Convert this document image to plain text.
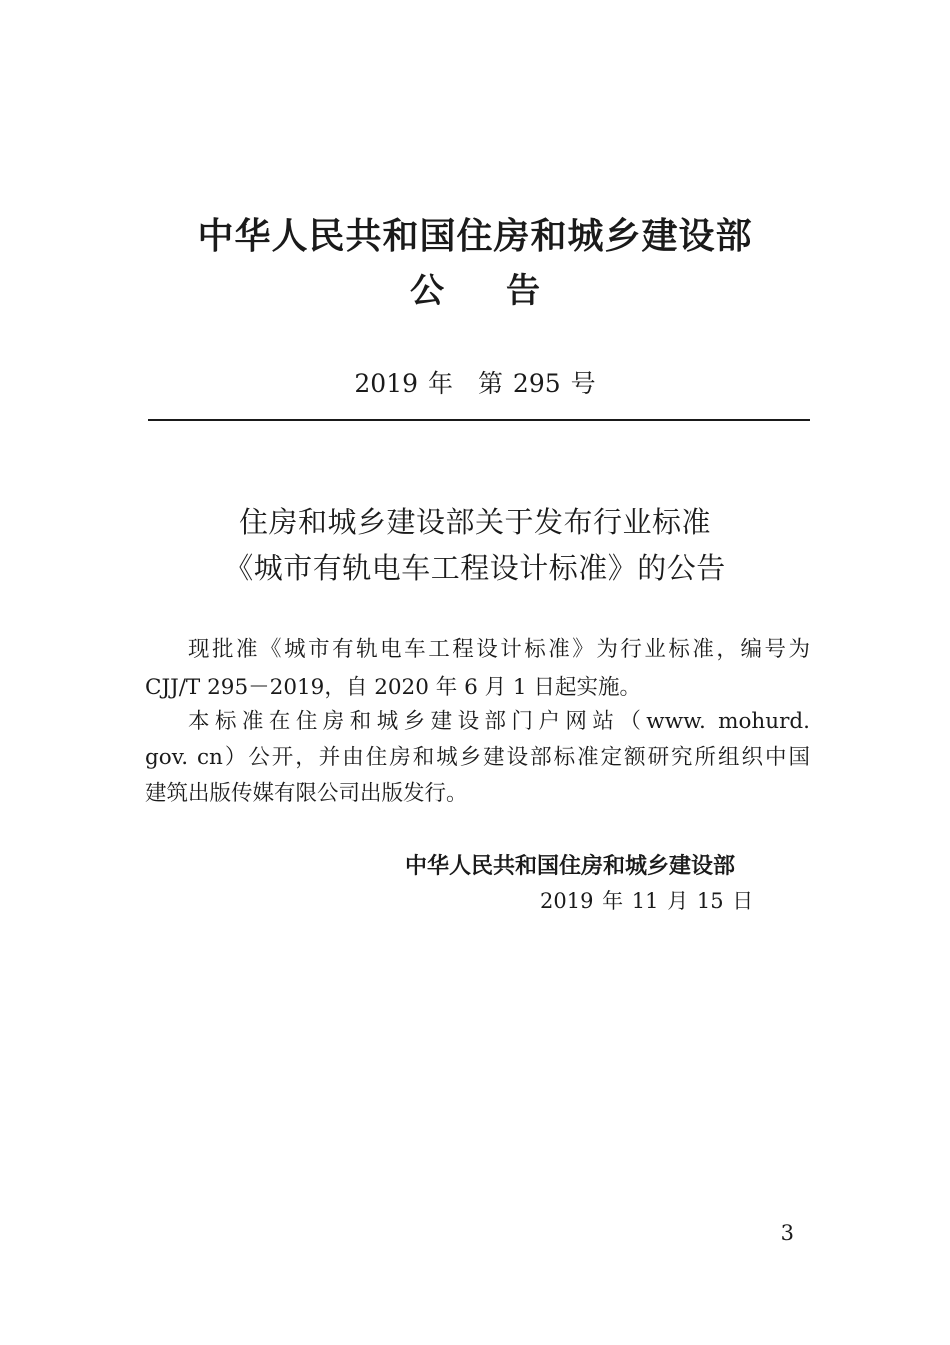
中华人民共和国住房和城乡建设部
公告
2019 年　第 295 号
住房和城乡建设部关于发布行业标准
《城市有轨电车工程设计标准》的公告
现批准《城市有轨电车工程设计标准》为行业标准，编号为
CJJ/T 295－2019，自 2020 年 6 月 1 日起实施。
本标准在住房和城乡建设部门户网站（www. mohurd.
gov. cn）公开，并由住房和城乡建设部标准定额研究所组织中国
建筑出版传媒有限公司出版发行。
中华人民共和国住房和城乡建设部
2019 年 11 月 15 日
3
